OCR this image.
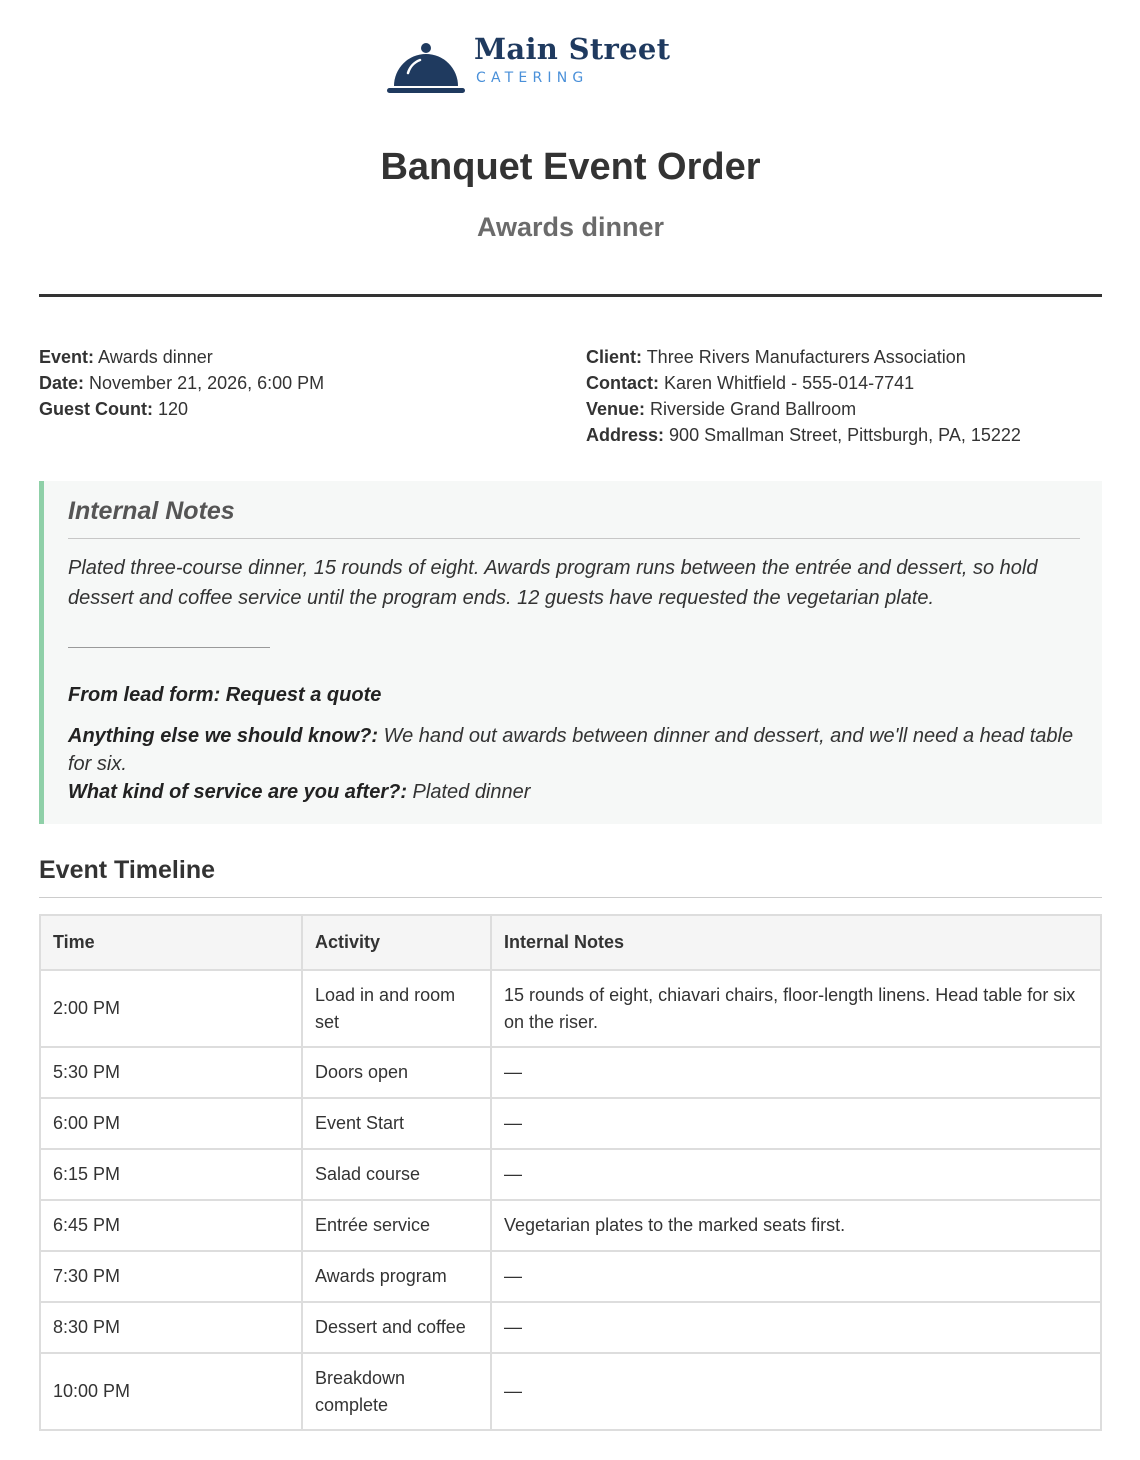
Main Street
CATERING
Banquet Event Order
Awards dinner
Event: Awards dinner
Date: November 21, 2026, 6:00 PM
Guest Count: 120
Client: Three Rivers Manufacturers Association
Contact: Karen Whitfield - 555-014-7741
Venue: Riverside Grand Ballroom
Address: 900 Smallman Street, Pittsburgh, PA, 15222
Internal Notes

Plated three-course dinner, 15 rounds of eight. Awards program runs between the entrée and dessert, so hold dessert and coffee service until the program ends. 12 guests have requested the vegetarian plate.

From lead form: Request a quote

Anything else we should know?: We hand out awards between dinner and dessert, and we'll need a head table for six.
What kind of service are you after?: Plated dinner
Event Timeline
Time	Activity	Internal Notes
2:00 PM	Load in and room set	15 rounds of eight, chiavari chairs, floor-length linens. Head table for six on the riser.
5:30 PM	Doors open	—
6:00 PM	Event Start	—
6:15 PM	Salad course	—
6:45 PM	Entrée service	Vegetarian plates to the marked seats first.
7:30 PM	Awards program	—
8:30 PM	Dessert and coffee	—
10:00 PM	Breakdown complete	—
